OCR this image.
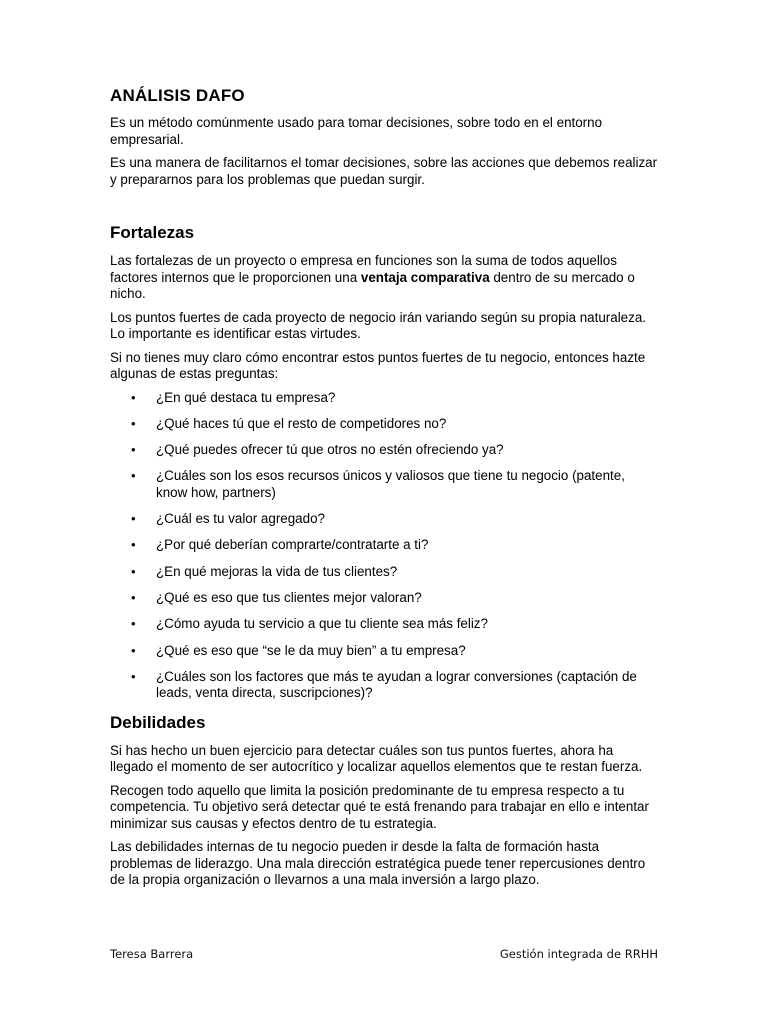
ANÁLISIS DAFO

Es un método comúnmente usado para tomar decisiones, sobre todo en el entorno empresarial.

Es una manera de facilitarnos el tomar decisiones, sobre las acciones que debemos realizar y prepararnos para los problemas que puedan surgir.

Fortalezas

Las fortalezas de un proyecto o empresa en funciones son la suma de todos aquellos factores internos que le proporcionen una ventaja comparativa dentro de su mercado o nicho.

Los puntos fuertes de cada proyecto de negocio irán variando según su propia naturaleza. Lo importante es identificar estas virtudes.

Si no tienes muy claro cómo encontrar estos puntos fuertes de tu negocio, entonces hazte algunas de estas preguntas:

• ¿En qué destaca tu empresa?
• ¿Qué haces tú que el resto de competidores no?
• ¿Qué puedes ofrecer tú que otros no estén ofreciendo ya?
• ¿Cuáles son los esos recursos únicos y valiosos que tiene tu negocio (patente, know how, partners)
• ¿Cuál es tu valor agregado?
• ¿Por qué deberían comprarte/contratarte a ti?
• ¿En qué mejoras la vida de tus clientes?
• ¿Qué es eso que tus clientes mejor valoran?
• ¿Cómo ayuda tu servicio a que tu cliente sea más feliz?
• ¿Qué es eso que “se le da muy bien” a tu empresa?
• ¿Cuáles son los factores que más te ayudan a lograr conversiones (captación de leads, venta directa, suscripciones)?
Debilidades

Si has hecho un buen ejercicio para detectar cuáles son tus puntos fuertes, ahora ha llegado el momento de ser autocrítico y localizar aquellos elementos que te restan fuerza.

Recogen todo aquello que limita la posición predominante de tu empresa respecto a tu competencia. Tu objetivo será detectar qué te está frenando para trabajar en ello e intentar minimizar sus causas y efectos dentro de tu estrategia.

Las debilidades internas de tu negocio pueden ir desde la falta de formación hasta problemas de liderazgo. Una mala dirección estratégica puede tener repercusiones dentro de la propia organización o llevarnos a una mala inversión a largo plazo.

Teresa Barrera	Gestión integrada de RRHH
